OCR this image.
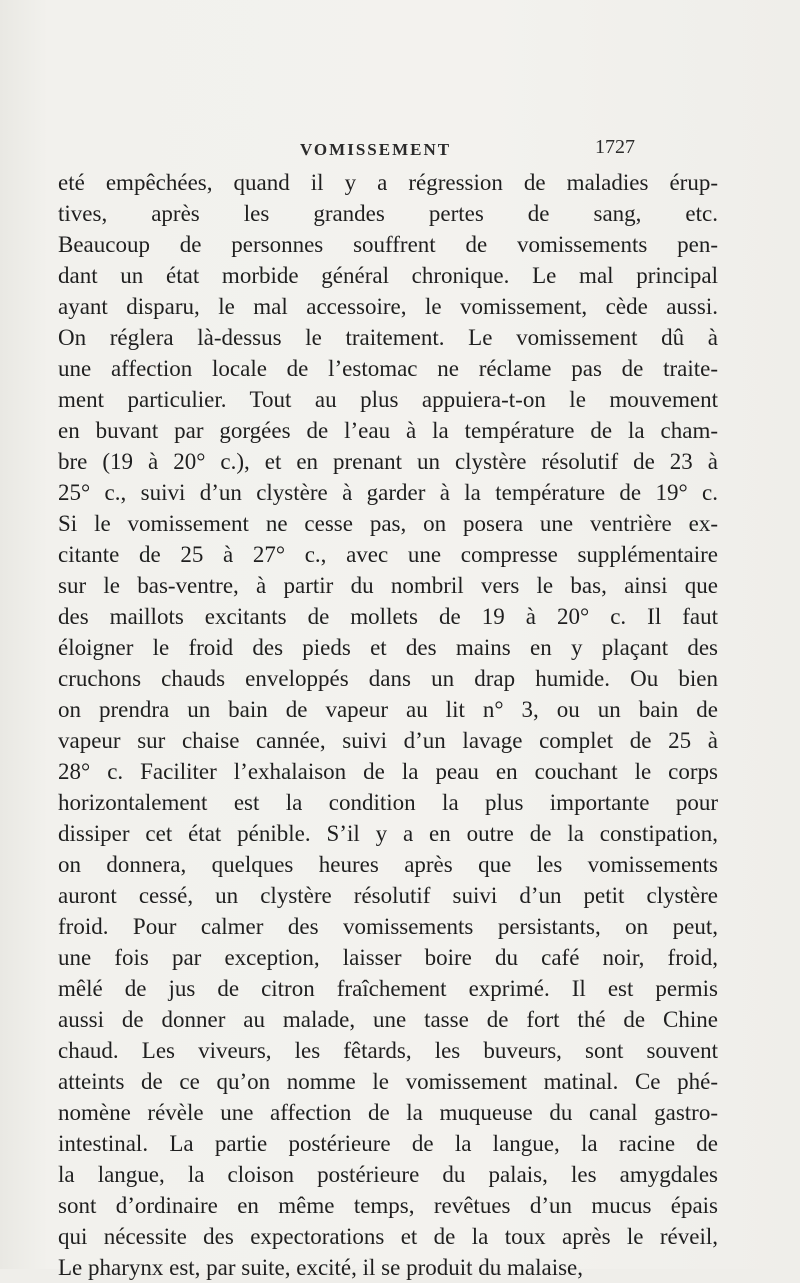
VOMISSEMENT	1727
eté empêchées, quand il y a régression de maladies érup-
tives, après les grandes pertes de sang, etc.
Beaucoup de personnes souffrent de vomissements pen-
dant un état morbide général chronique. Le mal principal
ayant disparu, le mal accessoire, le vomissement, cède aussi.
On réglera là-dessus le traitement. Le vomissement dû à
une affection locale de l’estomac ne réclame pas de traite-
ment particulier. Tout au plus appuiera-t-on le mouvement
en buvant par gorgées de l’eau à la température de la cham-
bre (19 à 20° c.), et en prenant un clystère résolutif de 23 à
25° c., suivi d’un clystère à garder à la température de 19° c.
Si le vomissement ne cesse pas, on posera une ventrière ex-
citante de 25 à 27° c., avec une compresse supplémentaire
sur le bas-ventre, à partir du nombril vers le bas, ainsi que
des maillots excitants de mollets de 19 à 20° c. Il faut
éloigner le froid des pieds et des mains en y plaçant des
cruchons chauds enveloppés dans un drap humide. Ou bien
on prendra un bain de vapeur au lit n° 3, ou un bain de
vapeur sur chaise cannée, suivi d’un lavage complet de 25 à
28° c. Faciliter l’exhalaison de la peau en couchant le corps
horizontalement est la condition la plus importante pour
dissiper cet état pénible. S’il y a en outre de la constipation,
on donnera, quelques heures après que les vomissements
auront cessé, un clystère résolutif suivi d’un petit clystère
froid. Pour calmer des vomissements persistants, on peut,
une fois par exception, laisser boire du café noir, froid,
mêlé de jus de citron fraîchement exprimé. Il est permis
aussi de donner au malade, une tasse de fort thé de Chine
chaud. Les viveurs, les fêtards, les buveurs, sont souvent
atteints de ce qu’on nomme le vomissement matinal. Ce phé-
nomène révèle une affection de la muqueuse du canal gastro-
intestinal. La partie postérieure de la langue, la racine de
la langue, la cloison postérieure du palais, les amygdales
sont d’ordinaire en même temps, revêtues d’un mucus épais
qui nécessite des expectorations et de la toux après le réveil,
Le pharynx est, par suite, excité, il se produit du malaise,
